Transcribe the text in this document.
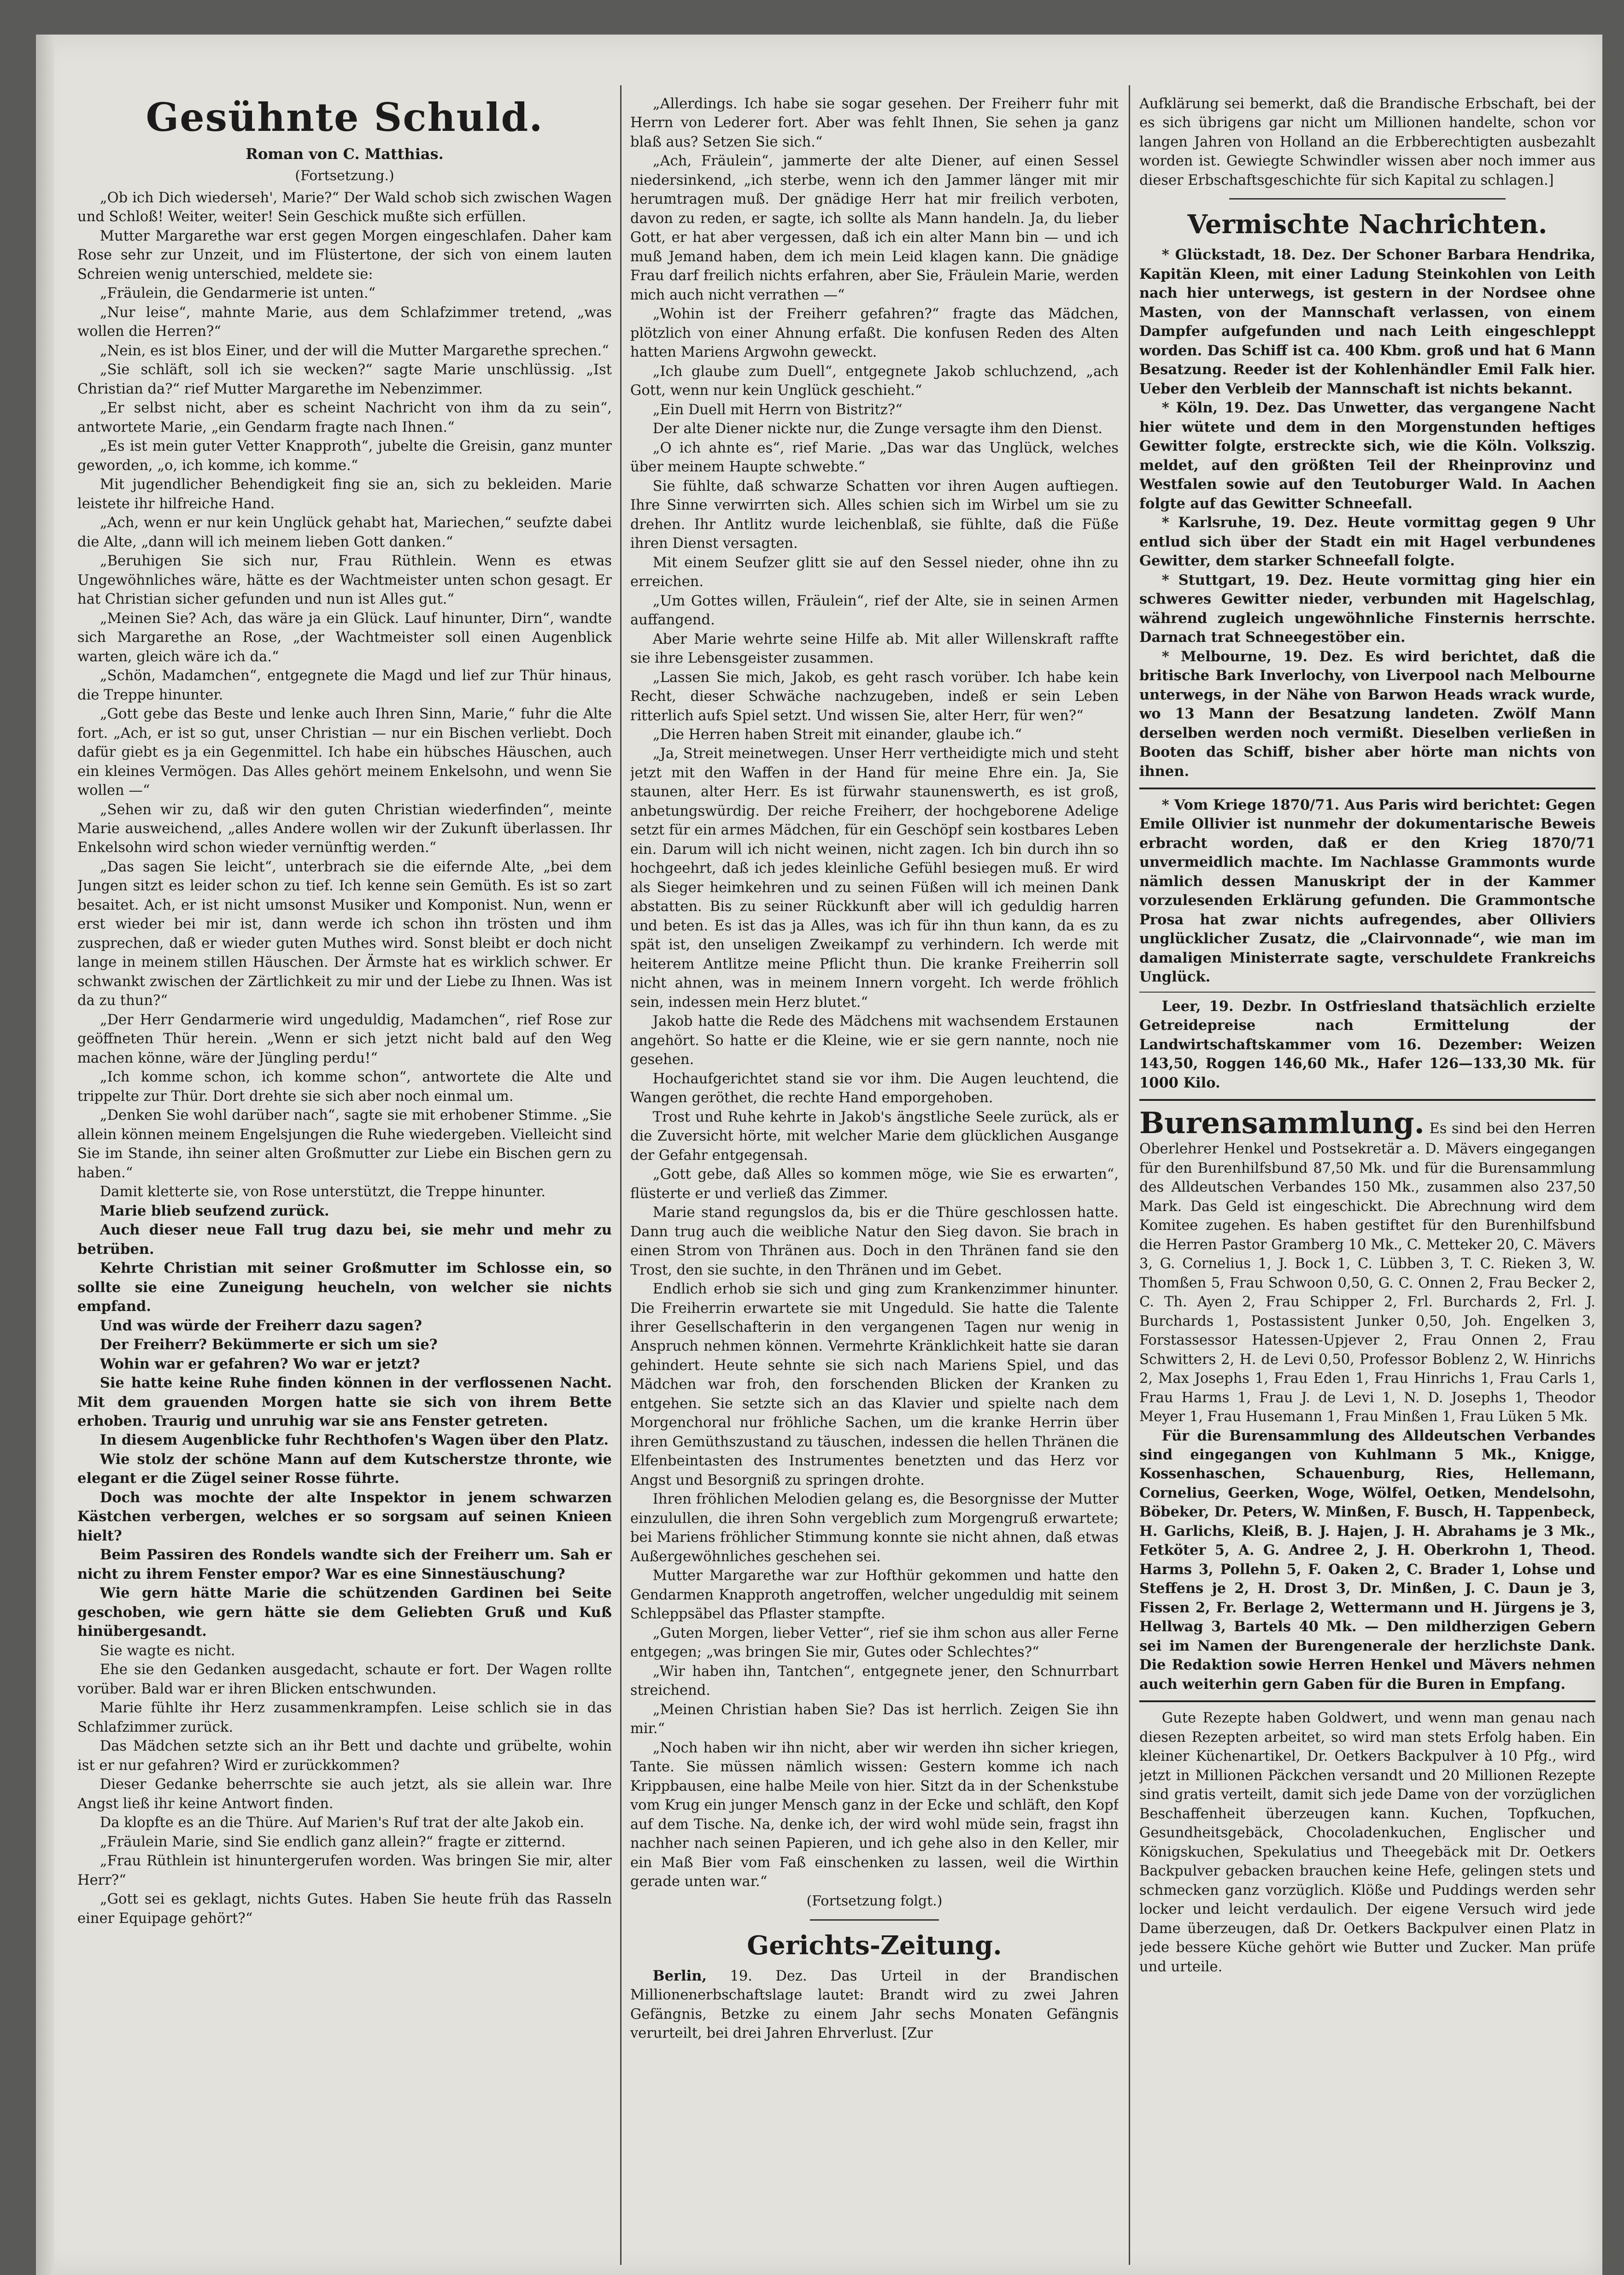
Gesühnte Schuld.
Roman von C. Matthias.
(Fortsetzung.)

„Ob ich Dich wiederseh', Marie?“ Der Wald schob sich zwischen Wagen und Schloß! Weiter, weiter! Sein Geschick mußte sich erfüllen.

Mutter Margarethe war erst gegen Morgen eingeschlafen. Daher kam Rose sehr zur Unzeit, und im Flüstertone, der sich von einem lauten Schreien wenig unterschied, meldete sie:

„Fräulein, die Gendarmerie ist unten.“

„Nur leise“, mahnte Marie, aus dem Schlafzimmer tretend, „was wollen die Herren?“

„Nein, es ist blos Einer, und der will die Mutter Margarethe sprechen.“

„Sie schläft, soll ich sie wecken?“ sagte Marie unschlüssig. „Ist Christian da?“ rief Mutter Margarethe im Nebenzimmer.

„Er selbst nicht, aber es scheint Nachricht von ihm da zu sein“, antwortete Marie, „ein Gendarm fragte nach Ihnen.“

„Es ist mein guter Vetter Knapproth“, jubelte die Greisin, ganz munter geworden, „o, ich komme, ich komme.“

Mit jugendlicher Behendigkeit fing sie an, sich zu bekleiden. Marie leistete ihr hilfreiche Hand.

„Ach, wenn er nur kein Unglück gehabt hat, Mariechen,“ seufzte dabei die Alte, „dann will ich meinem lieben Gott danken.“

„Beruhigen Sie sich nur, Frau Rüthlein. Wenn es etwas Ungewöhnliches wäre, hätte es der Wachtmeister unten schon gesagt. Er hat Christian sicher gefunden und nun ist Alles gut.“

„Meinen Sie? Ach, das wäre ja ein Glück. Lauf hinunter, Dirn“, wandte sich Margarethe an Rose, „der Wachtmeister soll einen Augenblick warten, gleich wäre ich da.“

„Schön, Madamchen“, entgegnete die Magd und lief zur Thür hinaus, die Treppe hinunter.

„Gott gebe das Beste und lenke auch Ihren Sinn, Marie,“ fuhr die Alte fort. „Ach, er ist so gut, unser Christian — nur ein Bischen verliebt. Doch dafür giebt es ja ein Gegenmittel. Ich habe ein hübsches Häuschen, auch ein kleines Vermögen. Das Alles gehört meinem Enkelsohn, und wenn Sie wollen —“

„Sehen wir zu, daß wir den guten Christian wiederfinden“, meinte Marie ausweichend, „alles Andere wollen wir der Zukunft überlassen. Ihr Enkelsohn wird schon wieder vernünftig werden.“

„Das sagen Sie leicht“, unterbrach sie die eifernde Alte, „bei dem Jungen sitzt es leider schon zu tief. Ich kenne sein Gemüth. Es ist so zart besaitet. Ach, er ist nicht umsonst Musiker und Komponist. Nun, wenn er erst wieder bei mir ist, dann werde ich schon ihn trösten und ihm zusprechen, daß er wieder guten Muthes wird. Sonst bleibt er doch nicht lange in meinem stillen Häuschen. Der Ärmste hat es wirklich schwer. Er schwankt zwischen der Zärtlichkeit zu mir und der Liebe zu Ihnen. Was ist da zu thun?“

„Der Herr Gendarmerie wird ungeduldig, Madamchen“, rief Rose zur geöffneten Thür herein. „Wenn er sich jetzt nicht bald auf den Weg machen könne, wäre der Jüngling perdu!“

„Ich komme schon, ich komme schon“, antwortete die Alte und trippelte zur Thür. Dort drehte sie sich aber noch einmal um.

„Denken Sie wohl darüber nach“, sagte sie mit erhobener Stimme. „Sie allein können meinem Engelsjungen die Ruhe wiedergeben. Vielleicht sind Sie im Stande, ihn seiner alten Großmutter zur Liebe ein Bischen gern zu haben.“

Damit kletterte sie, von Rose unterstützt, die Treppe hinunter.

Marie blieb seufzend zurück.

Auch dieser neue Fall trug dazu bei, sie mehr und mehr zu betrüben.

Kehrte Christian mit seiner Großmutter im Schlosse ein, so sollte sie eine Zuneigung heucheln, von welcher sie nichts empfand.

Und was würde der Freiherr dazu sagen?

Der Freiherr? Bekümmerte er sich um sie?

Wohin war er gefahren? Wo war er jetzt?

Sie hatte keine Ruhe finden können in der verflossenen Nacht. Mit dem grauenden Morgen hatte sie sich von ihrem Bette erhoben. Traurig und unruhig war sie ans Fenster getreten.

In diesem Augenblicke fuhr Rechthofen's Wagen über den Platz.

Wie stolz der schöne Mann auf dem Kutscherstze thronte, wie elegant er die Zügel seiner Rosse führte.

Doch was mochte der alte Inspektor in jenem schwarzen Kästchen verbergen, welches er so sorgsam auf seinen Knieen hielt?

Beim Passiren des Rondels wandte sich der Freiherr um. Sah er nicht zu ihrem Fenster empor? War es eine Sinnestäuschung?

Wie gern hätte Marie die schützenden Gardinen bei Seite geschoben, wie gern hätte sie dem Geliebten Gruß und Kuß hinübergesandt.

Sie wagte es nicht.

Ehe sie den Gedanken ausgedacht, schaute er fort. Der Wagen rollte vorüber. Bald war er ihren Blicken entschwunden.

Marie fühlte ihr Herz zusammenkrampfen. Leise schlich sie in das Schlafzimmer zurück.

Das Mädchen setzte sich an ihr Bett und dachte und grübelte, wohin ist er nur gefahren? Wird er zurückkommen?

Dieser Gedanke beherrschte sie auch jetzt, als sie allein war. Ihre Angst ließ ihr keine Antwort finden.

Da klopfte es an die Thüre. Auf Marien's Ruf trat der alte Jakob ein.

„Fräulein Marie, sind Sie endlich ganz allein?“ fragte er zitternd.

„Frau Rüthlein ist hinuntergerufen worden. Was bringen Sie mir, alter Herr?“

„Gott sei es geklagt, nichts Gutes. Haben Sie heute früh das Rasseln einer Equipage gehört?“

„Allerdings. Ich habe sie sogar gesehen. Der Freiherr fuhr mit Herrn von Lederer fort. Aber was fehlt Ihnen, Sie sehen ja ganz blaß aus? Setzen Sie sich.“

„Ach, Fräulein“, jammerte der alte Diener, auf einen Sessel niedersinkend, „ich sterbe, wenn ich den Jammer länger mit mir herumtragen muß. Der gnädige Herr hat mir freilich verboten, davon zu reden, er sagte, ich sollte als Mann handeln. Ja, du lieber Gott, er hat aber vergessen, daß ich ein alter Mann bin — und ich muß Jemand haben, dem ich mein Leid klagen kann. Die gnädige Frau darf freilich nichts erfahren, aber Sie, Fräulein Marie, werden mich auch nicht verrathen —“

„Wohin ist der Freiherr gefahren?“ fragte das Mädchen, plötzlich von einer Ahnung erfaßt. Die konfusen Reden des Alten hatten Mariens Argwohn geweckt.

„Ich glaube zum Duell“, entgegnete Jakob schluchzend, „ach Gott, wenn nur kein Unglück geschieht.“

„Ein Duell mit Herrn von Bistritz?“

Der alte Diener nickte nur, die Zunge versagte ihm den Dienst.

„O ich ahnte es“, rief Marie. „Das war das Unglück, welches über meinem Haupte schwebte.“

Sie fühlte, daß schwarze Schatten vor ihren Augen auftiegen. Ihre Sinne verwirrten sich. Alles schien sich im Wirbel um sie zu drehen. Ihr Antlitz wurde leichenblaß, sie fühlte, daß die Füße ihren Dienst versagten.

Mit einem Seufzer glitt sie auf den Sessel nieder, ohne ihn zu erreichen.

„Um Gottes willen, Fräulein“, rief der Alte, sie in seinen Armen auffangend.

Aber Marie wehrte seine Hilfe ab. Mit aller Willenskraft raffte sie ihre Lebensgeister zusammen.

„Lassen Sie mich, Jakob, es geht rasch vorüber. Ich habe kein Recht, dieser Schwäche nachzugeben, indeß er sein Leben ritterlich aufs Spiel setzt. Und wissen Sie, alter Herr, für wen?“

„Die Herren haben Streit mit einander, glaube ich.“

„Ja, Streit meinetwegen. Unser Herr vertheidigte mich und steht jetzt mit den Waffen in der Hand für meine Ehre ein. Ja, Sie staunen, alter Herr. Es ist fürwahr staunenswerth, es ist groß, anbetungswürdig. Der reiche Freiherr, der hochgeborene Adelige setzt für ein armes Mädchen, für ein Geschöpf sein kostbares Leben ein. Darum will ich nicht weinen, nicht zagen. Ich bin durch ihn so hochgeehrt, daß ich jedes kleinliche Gefühl besiegen muß. Er wird als Sieger heimkehren und zu seinen Füßen will ich meinen Dank abstatten. Bis zu seiner Rückkunft aber will ich geduldig harren und beten. Es ist das ja Alles, was ich für ihn thun kann, da es zu spät ist, den unseligen Zweikampf zu verhindern. Ich werde mit heiterem Antlitze meine Pflicht thun. Die kranke Freiherrin soll nicht ahnen, was in meinem Innern vorgeht. Ich werde fröhlich sein, indessen mein Herz blutet.“

Jakob hatte die Rede des Mädchens mit wachsendem Erstaunen angehört. So hatte er die Kleine, wie er sie gern nannte, noch nie gesehen.

Hochaufgerichtet stand sie vor ihm. Die Augen leuchtend, die Wangen geröthet, die rechte Hand emporgehoben.

Trost und Ruhe kehrte in Jakob's ängstliche Seele zurück, als er die Zuversicht hörte, mit welcher Marie dem glücklichen Ausgange der Gefahr entgegensah.

„Gott gebe, daß Alles so kommen möge, wie Sie es erwarten“, flüsterte er und verließ das Zimmer.

Marie stand regungslos da, bis er die Thüre geschlossen hatte. Dann trug auch die weibliche Natur den Sieg davon. Sie brach in einen Strom von Thränen aus. Doch in den Thränen fand sie den Trost, den sie suchte, in den Thränen und im Gebet.

Endlich erhob sie sich und ging zum Krankenzimmer hinunter. Die Freiherrin erwartete sie mit Ungeduld. Sie hatte die Talente ihrer Gesellschafterin in den vergangenen Tagen nur wenig in Anspruch nehmen können. Vermehrte Kränklichkeit hatte sie daran gehindert. Heute sehnte sie sich nach Mariens Spiel, und das Mädchen war froh, den forschenden Blicken der Kranken zu entgehen. Sie setzte sich an das Klavier und spielte nach dem Morgenchoral nur fröhliche Sachen, um die kranke Herrin über ihren Gemüthszustand zu täuschen, indessen die hellen Thränen die Elfenbeintasten des Instrumentes benetzten und das Herz vor Angst und Besorgniß zu springen drohte.

Ihren fröhlichen Melodien gelang es, die Besorgnisse der Mutter einzulullen, die ihren Sohn vergeblich zum Morgengruß erwartete; bei Mariens fröhlicher Stimmung konnte sie nicht ahnen, daß etwas Außergewöhnliches geschehen sei.

Mutter Margarethe war zur Hofthür gekommen und hatte den Gendarmen Knapproth angetroffen, welcher ungeduldig mit seinem Schleppsäbel das Pflaster stampfte.

„Guten Morgen, lieber Vetter“, rief sie ihm schon aus aller Ferne entgegen; „was bringen Sie mir, Gutes oder Schlechtes?“

„Wir haben ihn, Tantchen“, entgegnete jener, den Schnurrbart streichend.

„Meinen Christian haben Sie? Das ist herrlich. Zeigen Sie ihn mir.“

„Noch haben wir ihn nicht, aber wir werden ihn sicher kriegen, Tante. Sie müssen nämlich wissen: Gestern komme ich nach Krippbausen, eine halbe Meile von hier. Sitzt da in der Schenkstube vom Krug ein junger Mensch ganz in der Ecke und schläft, den Kopf auf dem Tische. Na, denke ich, der wird wohl müde sein, fragst ihn nachher nach seinen Papieren, und ich gehe also in den Keller, mir ein Maß Bier vom Faß einschenken zu lassen, weil die Wirthin gerade unten war.“

(Fortsetzung folgt.)
Gerichts-Zeitung.

Berlin, 19. Dez. Das Urteil in der Brandischen Millionenerbschaftslage lautet: Brandt wird zu zwei Jahren Gefängnis, Betzke zu einem Jahr sechs Monaten Gefängnis verurteilt, bei drei Jahren Ehrverlust. [Zur

Aufklärung sei bemerkt, daß die Brandische Erbschaft, bei der es sich übrigens gar nicht um Millionen handelte, schon vor langen Jahren von Holland an die Erbberechtigten ausbezahlt worden ist. Gewiegte Schwindler wissen aber noch immer aus dieser Erbschaftsgeschichte für sich Kapital zu schlagen.]

Vermischte Nachrichten.

* Glückstadt, 18. Dez. Der Schoner Barbara Hendrika, Kapitän Kleen, mit einer Ladung Steinkohlen von Leith nach hier unterwegs, ist gestern in der Nordsee ohne Masten, von der Mannschaft verlassen, von einem Dampfer aufgefunden und nach Leith eingeschleppt worden. Das Schiff ist ca. 400 Kbm. groß und hat 6 Mann Besatzung. Reeder ist der Kohlenhändler Emil Falk hier. Ueber den Verbleib der Mannschaft ist nichts bekannt.

* Köln, 19. Dez. Das Unwetter, das vergangene Nacht hier wütete und dem in den Morgenstunden heftiges Gewitter folgte, erstreckte sich, wie die Köln. Volkszig. meldet, auf den größten Teil der Rheinprovinz und Westfalen sowie auf den Teutoburger Wald. In Aachen folgte auf das Gewitter Schneefall.

* Karlsruhe, 19. Dez. Heute vormittag gegen 9 Uhr entlud sich über der Stadt ein mit Hagel verbundenes Gewitter, dem starker Schneefall folgte.

* Stuttgart, 19. Dez. Heute vormittag ging hier ein schweres Gewitter nieder, verbunden mit Hagelschlag, während zugleich ungewöhnliche Finsternis herrschte. Darnach trat Schneegestöber ein.

* Melbourne, 19. Dez. Es wird berichtet, daß die britische Bark Inverlochy, von Liverpool nach Melbourne unterwegs, in der Nähe von Barwon Heads wrack wurde, wo 13 Mann der Besatzung landeten. Zwölf Mann derselben werden noch vermißt. Dieselben verließen in Booten das Schiff, bisher aber hörte man nichts von ihnen.

* Vom Kriege 1870/71. Aus Paris wird berichtet: Gegen Emile Ollivier ist nunmehr der dokumentarische Beweis erbracht worden, daß er den Krieg 1870/71 unvermeidlich machte. Im Nachlasse Grammonts wurde nämlich dessen Manuskript der in der Kammer vorzulesenden Erklärung gefunden. Die Grammontsche Prosa hat zwar nichts aufregendes, aber Olliviers unglücklicher Zusatz, die „Clairvonnade“, wie man im damaligen Ministerrate sagte, verschuldete Frankreichs Unglück.

Leer, 19. Dezbr. In Ostfriesland thatsächlich erzielte Getreidepreise nach Ermittelung der Landwirtschaftskammer vom 16. Dezember: Weizen 143,50, Roggen 146,60 Mk., Hafer 126—133,30 Mk. für 1000 Kilo.

Burensammlung. Es sind bei den Herren Oberlehrer Henkel und Postsekretär a. D. Mävers eingegangen für den Burenhilfsbund 87,50 Mk. und für die Burensammlung des Alldeutschen Verbandes 150 Mk., zusammen also 237,50 Mark. Das Geld ist eingeschickt. Die Abrechnung wird dem Komitee zugehen. Es haben gestiftet für den Burenhilfsbund die Herren Pastor Gramberg 10 Mk., C. Metteker 20, C. Mävers 3, G. Cornelius 1, J. Bock 1, C. Lübben 3, T. C. Rieken 3, W. Thomßen 5, Frau Schwoon 0,50, G. C. Onnen 2, Frau Becker 2, C. Th. Ayen 2, Frau Schipper 2, Frl. Burchards 2, Frl. J. Burchards 1, Postassistent Junker 0,50, Joh. Engelken 3, Forstassessor Hatessen-Upjever 2, Frau Onnen 2, Frau Schwitters 2, H. de Levi 0,50, Professor Boblenz 2, W. Hinrichs 2, Max Josephs 1, Frau Eden 1, Frau Hinrichs 1, Frau Carls 1, Frau Harms 1, Frau J. de Levi 1, N. D. Josephs 1, Theodor Meyer 1, Frau Husemann 1, Frau Minßen 1, Frau Lüken 5 Mk.

Für die Burensammlung des Alldeutschen Verbandes sind eingegangen von Kuhlmann 5 Mk., Knigge, Kossenhaschen, Schauenburg, Ries, Hellemann, Cornelius, Geerken, Woge, Wölfel, Oetken, Mendelsohn, Böbeker, Dr. Peters, W. Minßen, F. Busch, H. Tappenbeck, H. Garlichs, Kleiß, B. J. Hajen, J. H. Abrahams je 3 Mk., Fetköter 5, A. G. Andree 2, J. H. Oberkrohn 1, Theod. Harms 3, Pollehn 5, F. Oaken 2, C. Brader 1, Lohse und Steffens je 2, H. Drost 3, Dr. Minßen, J. C. Daun je 3, Fissen 2, Fr. Berlage 2, Wettermann und H. Jürgens je 3, Hellwag 3, Bartels 40 Mk. — Den mildherzigen Gebern sei im Namen der Burengenerale der herzlichste Dank. Die Redaktion sowie Herren Henkel und Mävers nehmen auch weiterhin gern Gaben für die Buren in Empfang.

Gute Rezepte haben Goldwert, und wenn man genau nach diesen Rezepten arbeitet, so wird man stets Erfolg haben. Ein kleiner Küchenartikel, Dr. Oetkers Backpulver à 10 Pfg., wird jetzt in Millionen Päckchen versandt und 20 Millionen Rezepte sind gratis verteilt, damit sich jede Dame von der vorzüglichen Beschaffenheit überzeugen kann. Kuchen, Topfkuchen, Gesundheitsgebäck, Chocoladenkuchen, Englischer und Königskuchen, Spekulatius und Theegebäck mit Dr. Oetkers Backpulver gebacken brauchen keine Hefe, gelingen stets und schmecken ganz vorzüglich. Klöße und Puddings werden sehr locker und leicht verdaulich. Der eigene Versuch wird jede Dame überzeugen, daß Dr. Oetkers Backpulver einen Platz in jede bessere Küche gehört wie Butter und Zucker. Man prüfe und urteile.
